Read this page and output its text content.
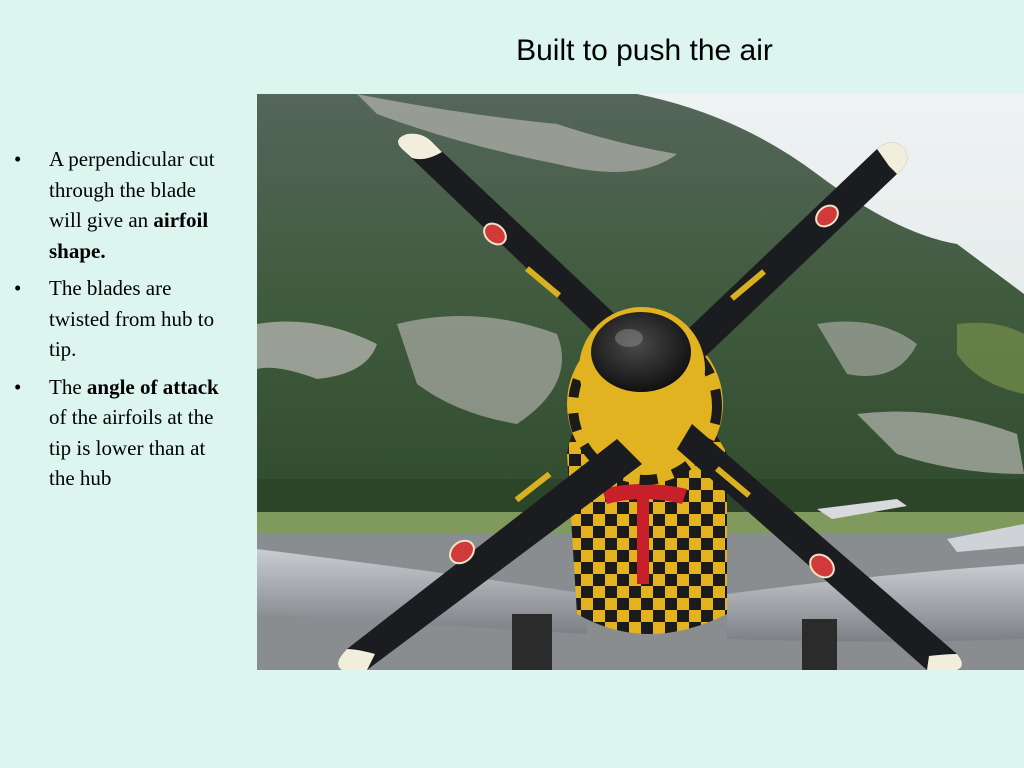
Built to push the air
• A perpendicular cut through the blade will give an airfoil shape.
• The blades are twisted from hub to tip.
• The angle of attack of the airfoils at the tip is lower than at the hub
